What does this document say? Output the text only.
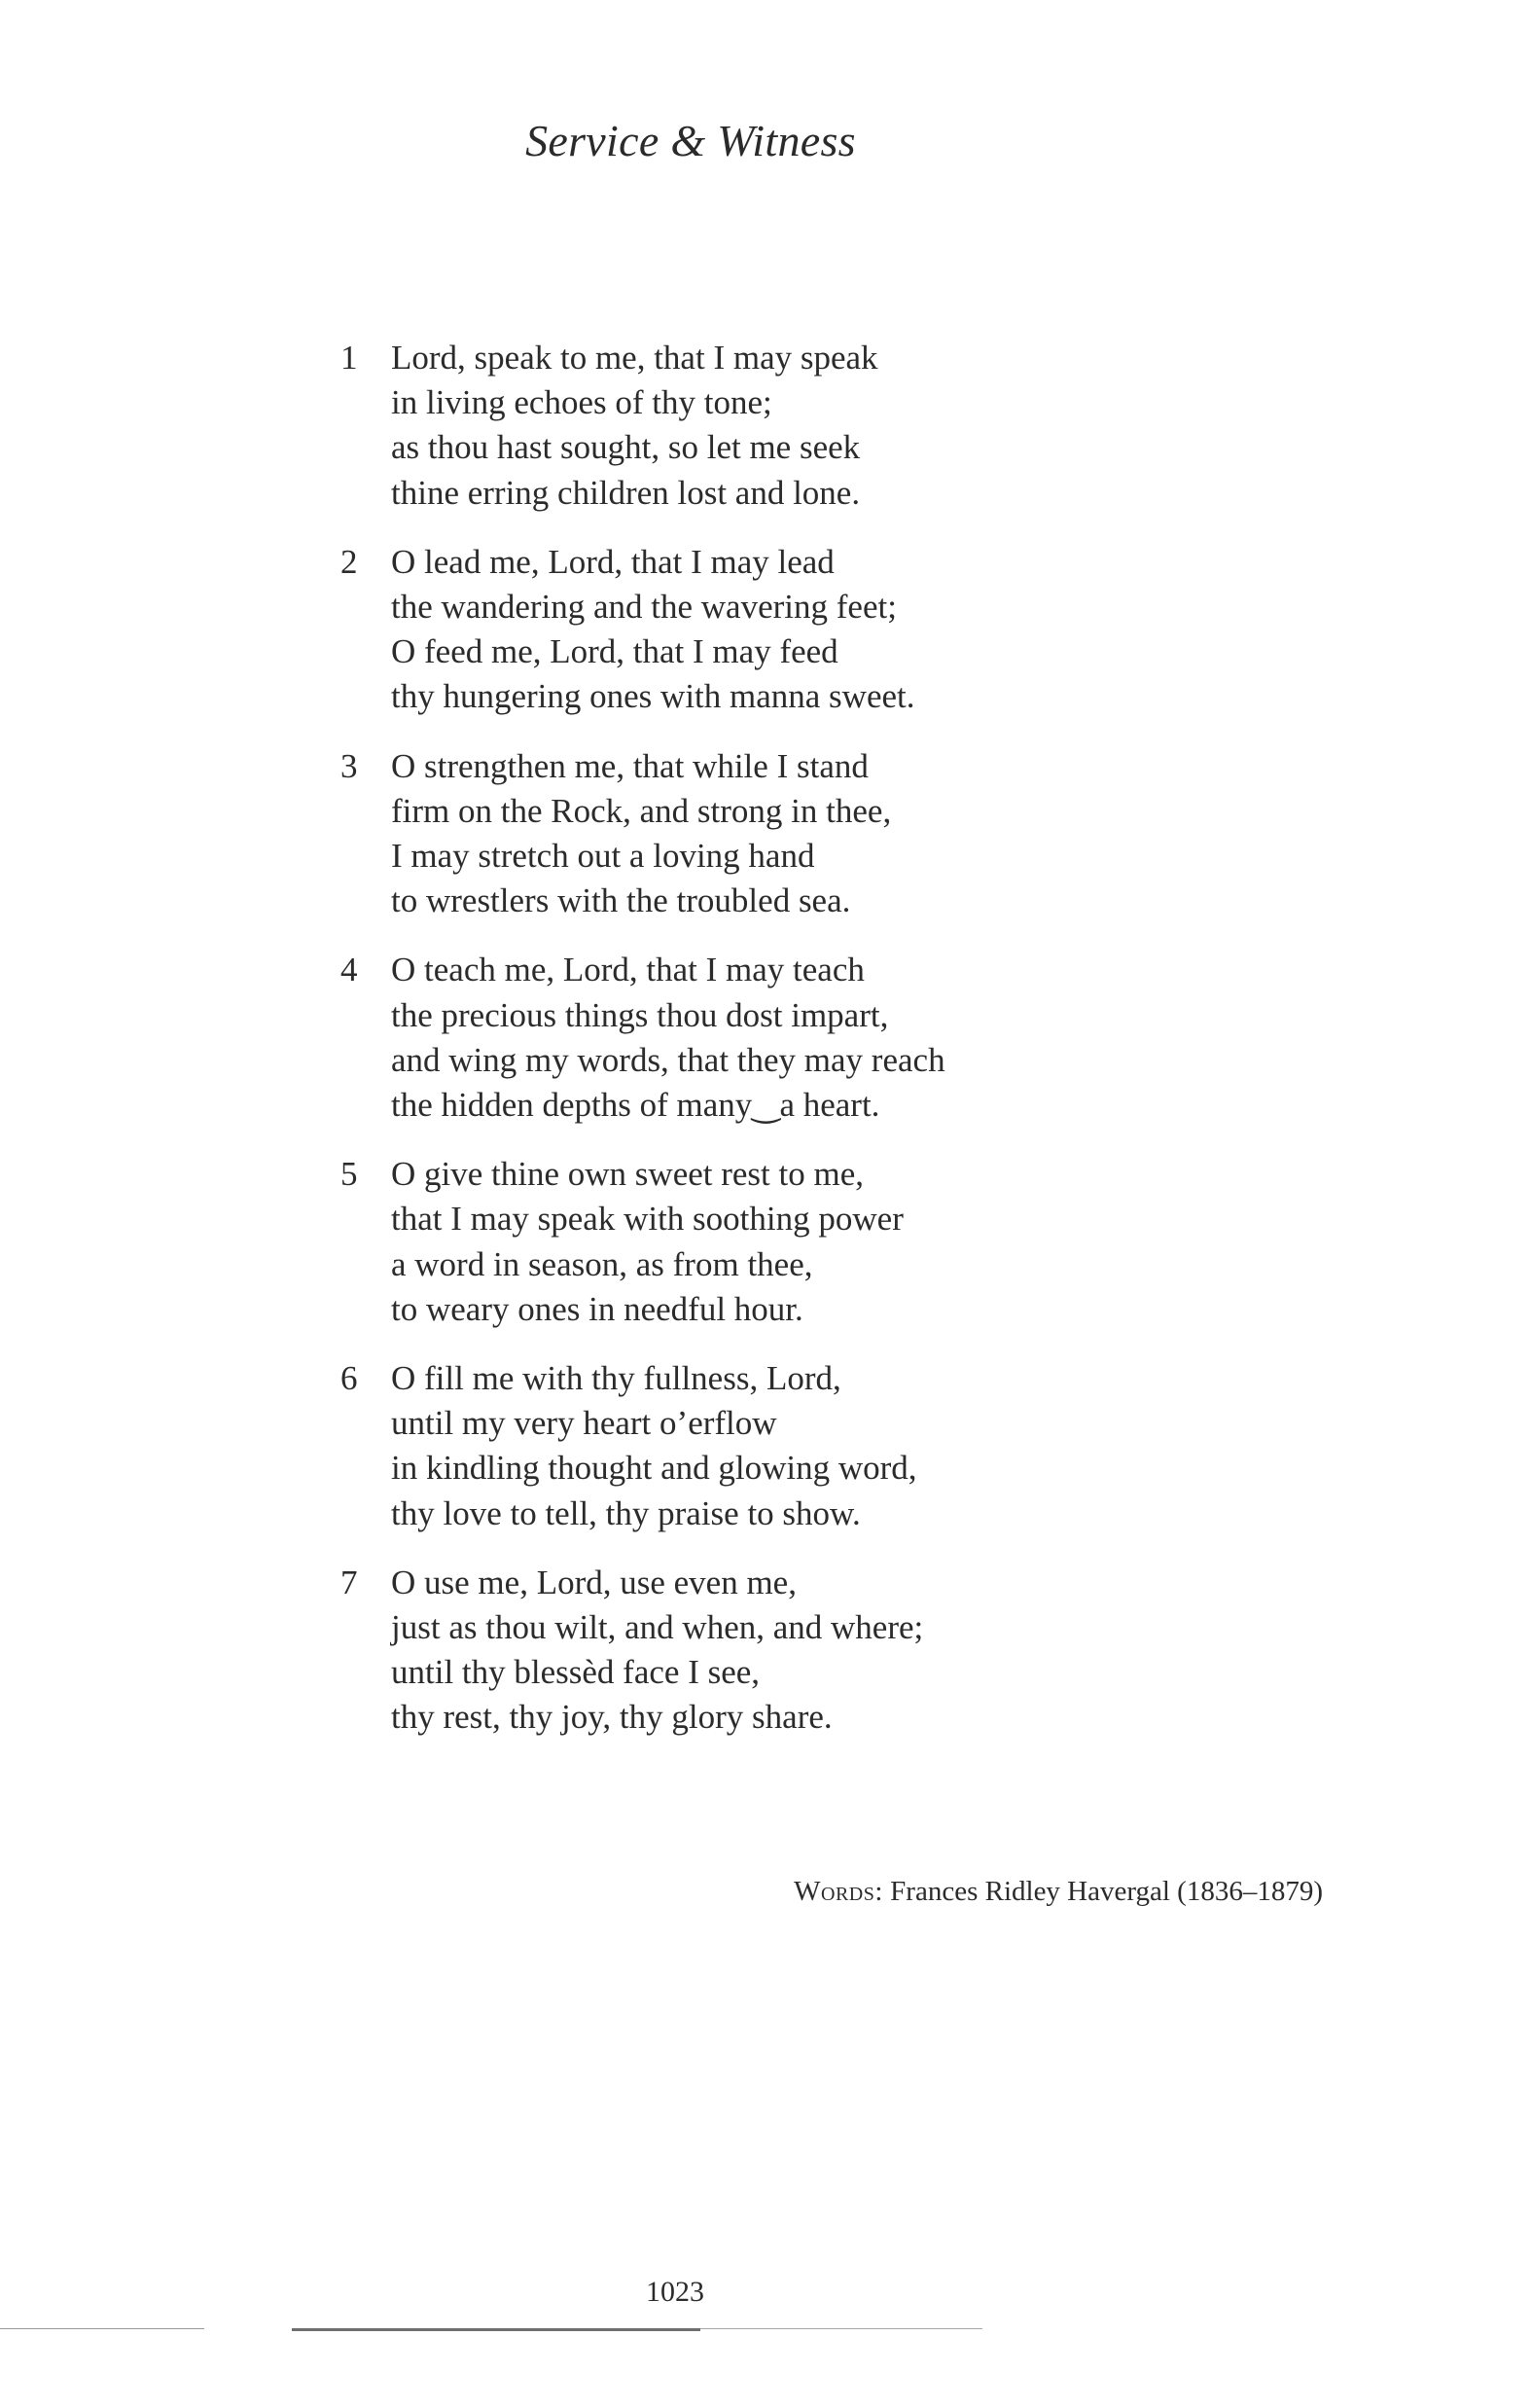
Service & Witness
1 Lord, speak to me, that I may speak
in living echoes of thy tone;
as thou hast sought, so let me seek
thine erring children lost and lone.
2 O lead me, Lord, that I may lead
the wandering and the wavering feet;
O feed me, Lord, that I may feed
thy hungering ones with manna sweet.
3 O strengthen me, that while I stand
firm on the Rock, and strong in thee,
I may stretch out a loving hand
to wrestlers with the troubled sea.
4 O teach me, Lord, that I may teach
the precious things thou dost impart,
and wing my words, that they may reach
the hidden depths of many‿a heart.
5 O give thine own sweet rest to me,
that I may speak with soothing power
a word in season, as from thee,
to weary ones in needful hour.
6 O fill me with thy fullness, Lord,
until my very heart o’erflow
in kindling thought and glowing word,
thy love to tell, thy praise to show.
7 O use me, Lord, use even me,
just as thou wilt, and when, and where;
until thy blessèd face I see,
thy rest, thy joy, thy glory share.
Words: Frances Ridley Havergal (1836–1879)
1023
